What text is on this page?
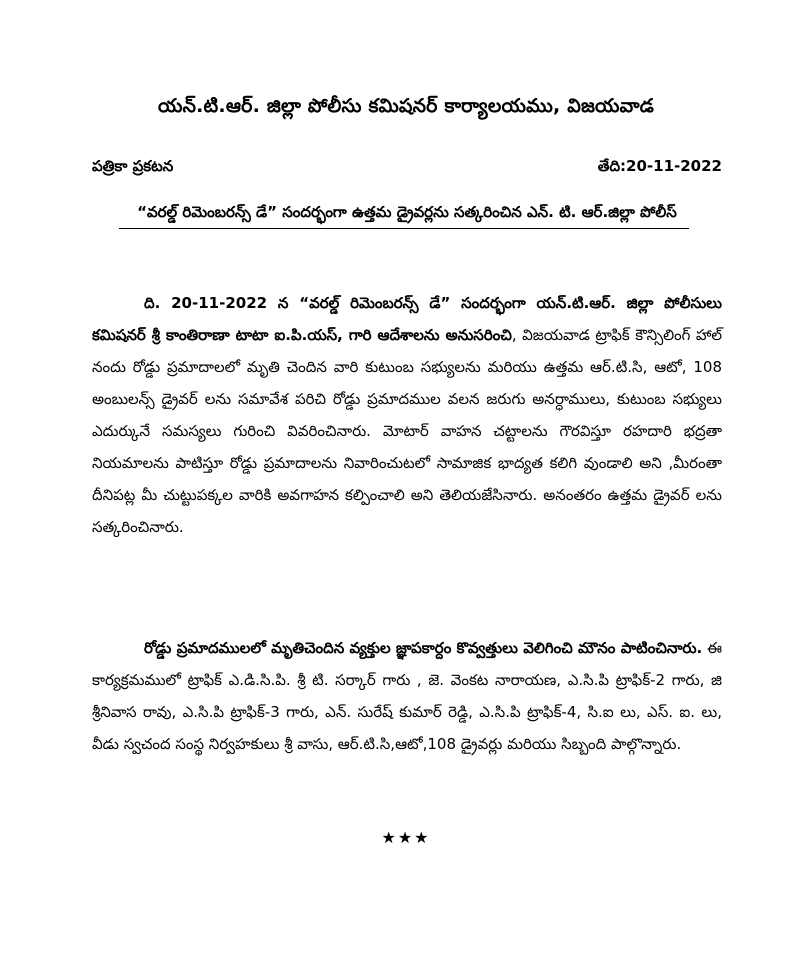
యన్.టి.ఆర్. జిల్లా పోలీసు కమిషనర్ కార్యాలయము, విజయవాడ
పత్రికా ప్రకటన	తేది:20-11-2022
“వరల్డ్ రిమెంబరన్స్ డే” సందర్భంగా ఉత్తమ డ్రైవర్లను సత్కరించిన ఎన్. టి. ఆర్.జిల్లా పోలీస్
ది. 20-11-2022 న “వరల్డ్ రిమెంబరన్స్ డే” సందర్భంగా యన్.టి.ఆర్. జిల్లా పోలీసులు కమిషనర్ శ్రీ కాంతిరాణా టాటా ఐ.పి.యస్, గారి ఆదేశాలను అనుసరించి, విజయవాడ ట్రాఫిక్ కౌన్సిలింగ్ హాల్ నందు రోడ్డు ప్రమాదాలలో మృతి చెందిన వారి కుటుంబ సభ్యులను మరియు ఉత్తమ ఆర్.టి.సి, ఆటో, 108 అంబులన్స్ డ్రైవర్ లను సమావేశ పరిచి రోడ్డు ప్రమాదముల వలన జరుగు అనర్ధాములు, కుటుంబ సభ్యులు ఎదుర్కునే సమస్యలు గురించి వివరించినారు. మోటార్ వాహన చట్టాలను గౌరవిస్తూ రహదారి భద్రతా నియమాలను పాటిస్తూ రోడ్డు ప్రమాదాలను నివారించుటలో సామాజిక భాద్యత కలిగి వుండాలి అని ,మీరంతా దీనిపట్ల మీ చుట్టుపక్కల వారికి అవగాహన కల్పించాలి అని తెలియజేసినారు. అనంతరం ఉత్తమ డ్రైవర్ లను సత్కరించినారు.
రోడ్డు ప్రమాదములలో మృతిచెందిన వ్యక్తుల జ్ఞాపకార్దం కొవ్వత్తులు వెలిగించి మౌనం పాటించినారు. ఈ కార్యక్రమములో ట్రాఫిక్ ఎ.డి.సి.పి. శ్రీ టి. సర్కార్ గారు , జె. వెంకట నారాయణ, ఎ.సి.పి ట్రాఫిక్-2 గారు, జి శ్రీనివాస రావు, ఎ.సి.పి ట్రాఫిక్-3 గారు, ఎన్. సురేష్ కుమార్ రెడ్డి, ఎ.సి.పి ట్రాఫిక్-4, సి.ఐ లు, ఎస్. ఐ. లు, వీడు స్వచంద సంస్థ నిర్వహకులు శ్రీ వాసు, ఆర్.టి.సి,ఆటో,108 డ్రైవర్లు మరియు సిబ్బంది పాల్గొన్నారు.
★★★
